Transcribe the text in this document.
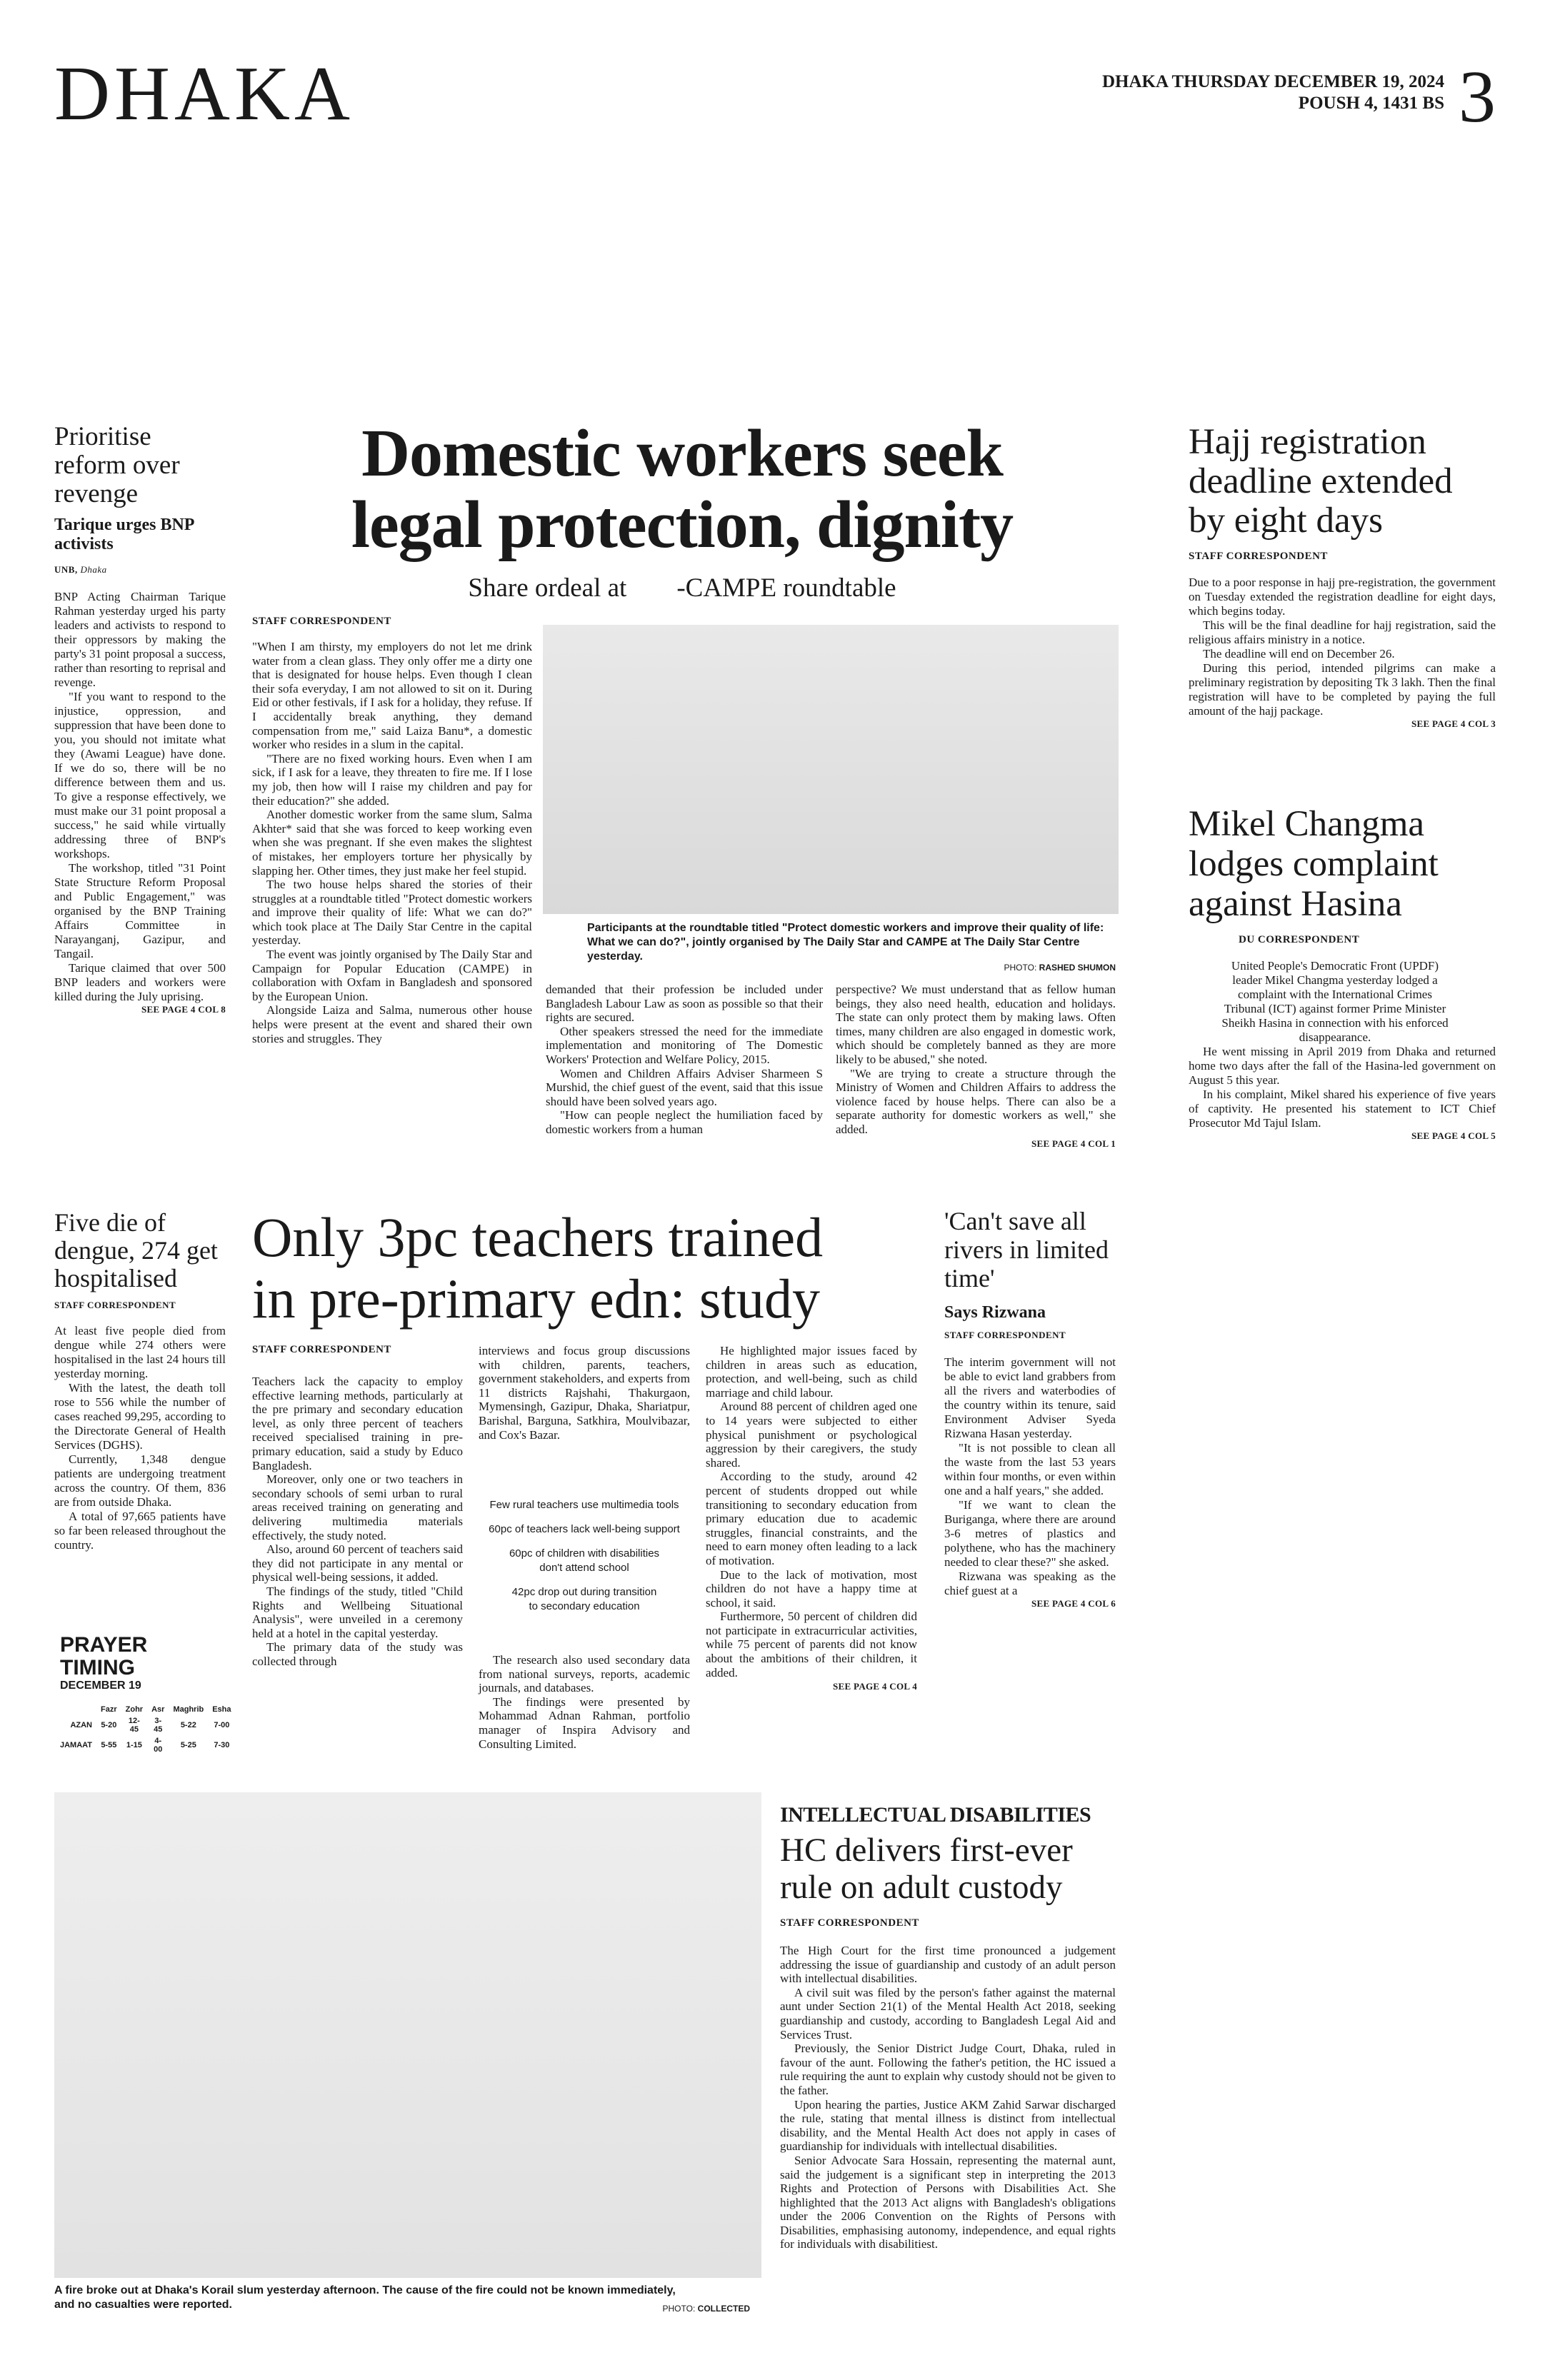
DHAKA	DHAKA THURSDAY DECEMBER 19, 2024
POUSH 4, 1431 BS 3
Prioritise reform over revenge
Tarique urges BNP activists
UNB, Dhaka

BNP Acting Chairman Tarique Rahman yesterday urged his party leaders and activists to respond to their oppressors by making the party's 31 point proposal a success, rather than resorting to reprisal and revenge.

"If you want to respond to the injustice, oppression, and suppression that have been done to you, you should not imitate what they (Awami League) have done. If we do so, there will be no difference between them and us. To give a response effectively, we must make our 31 point proposal a success," he said while virtually addressing three of BNP's workshops.

The workshop, titled "31 Point State Structure Reform Proposal and Public Engagement," was organised by the BNP Training Affairs Committee in Narayanganj, Gazipur, and Tangail.

Tarique claimed that over 500 BNP leaders and workers were killed during the July uprising.

SEE PAGE 4 COL 8
Domestic workers seek
legal protection, dignity
Share ordeal at -CAMPE roundtable
STAFF CORRESPONDENT

"When I am thirsty, my employers do not let me drink water from a clean glass. They only offer me a dirty one that is designated for house helps. Even though I clean their sofa everyday, I am not allowed to sit on it. During Eid or other festivals, if I ask for a holiday, they refuse. If I accidentally break anything, they demand compensation from me," said Laiza Banu*, a domestic worker who resides in a slum in the capital.

"There are no fixed working hours. Even when I am sick, if I ask for a leave, they threaten to fire me. If I lose my job, then how will I raise my children and pay for their education?" she added.

Another domestic worker from the same slum, Salma Akhter* said that she was forced to keep working even when she was pregnant. If she even makes the slightest of mistakes, her employers torture her physically by slapping her. Other times, they just make her feel stupid.

The two house helps shared the stories of their struggles at a roundtable titled "Protect domestic workers and improve their quality of life: What we can do?" which took place at The Daily Star Centre in the capital yesterday.

The event was jointly organised by The Daily Star and Campaign for Popular Education (CAMPE) in collaboration with Oxfam in Bangladesh and sponsored by the European Union.

Alongside Laiza and Salma, numerous other house helps were present at the event and shared their own stories and struggles. They

Participants at the roundtable titled "Protect domestic workers and improve their quality of life: What we can do?", jointly organised by The Daily Star and CAMPE at The Daily Star Centre yesterday.
PHOTO: RASHED SHUMON

demanded that their profession be included under Bangladesh Labour Law as soon as possible so that their rights are secured.

Other speakers stressed the need for the immediate implementation and monitoring of The Domestic Workers' Protection and Welfare Policy, 2015.

Women and Children Affairs Adviser Sharmeen S Murshid, the chief guest of the event, said that this issue should have been solved years ago.

"How can people neglect the humiliation faced by domestic workers from a human

perspective? We must understand that as fellow human beings, they also need health, education and holidays. The state can only protect them by making laws. Often times, many children are also engaged in domestic work, which should be completely banned as they are more likely to be abused," she noted.

"We are trying to create a structure through the Ministry of Women and Children Affairs to address the violence faced by house helps. There can also be a separate authority for domestic workers as well," she added.

SEE PAGE 4 COL 1
Hajj registration deadline extended by eight days
STAFF CORRESPONDENT

Due to a poor response in hajj pre-registration, the government on Tuesday extended the registration deadline for eight days, which begins today.

This will be the final deadline for hajj registration, said the religious affairs ministry in a notice.

The deadline will end on December 26.

During this period, intended pilgrims can make a preliminary registration by depositing Tk 3 lakh. Then the final registration will have to be completed by paying the full amount of the hajj package.

SEE PAGE 4 COL 3
Mikel Changma lodges complaint against Hasina
DU CORRESPONDENT

United People's Democratic Front (UPDF) leader Mikel Changma yesterday lodged a complaint with the International Crimes Tribunal (ICT) against former Prime Minister Sheikh Hasina in connection with his enforced disappearance.

He went missing in April 2019 from Dhaka and returned home two days after the fall of the Hasina-led government on August 5 this year.

In his complaint, Mikel shared his experience of five years of captivity. He presented his statement to ICT Chief Prosecutor Md Tajul Islam.

SEE PAGE 4 COL 5
Five die of dengue, 274 get hospitalised
STAFF CORRESPONDENT

At least five people died from dengue while 274 others were hospitalised in the last 24 hours till yesterday morning.

With the latest, the death toll rose to 556 while the number of cases reached 99,295, according to the Directorate General of Health Services (DGHS).

Currently, 1,348 dengue patients are undergoing treatment across the country. Of them, 836 are from outside Dhaka.

A total of 97,665 patients have so far been released throughout the country.

PRAYER
TIMING
DECEMBER 19
	Fazr	Zohr	Asr	Maghrib	Esha
AZAN	5-20	12-45	3-45	5-22	7-00
JAMAAT	5-55	1-15	4-00	5-25	7-30
Only 3pc teachers trained
in pre-primary edn: study
STAFF CORRESPONDENT

Teachers lack the capacity to employ effective learning methods, particularly at the pre primary and secondary education level, as only three percent of teachers received specialised training in pre-primary education, said a study by Educo Bangladesh.

Moreover, only one or two teachers in secondary schools of semi urban to rural areas received training on generating and delivering multimedia materials effectively, the study noted.

Also, around 60 percent of teachers said they did not participate in any mental or physical well-being sessions, it added.

The findings of the study, titled "Child Rights and Wellbeing Situational Analysis", were unveiled in a ceremony held at a hotel in the capital yesterday.

The primary data of the study was collected through

interviews and focus group discussions with children, parents, teachers, government stakeholders, and experts from 11 districts Rajshahi, Thakurgaon, Mymensingh, Gazipur, Dhaka, Shariatpur, Barishal, Barguna, Satkhira, Moulvibazar, and Cox's Bazar.

Few rural teachers use multimedia tools
60pc of teachers lack well-being support
60pc of children with disabilities don't attend school
42pc drop out during transition to secondary education

The research also used secondary data from national surveys, reports, academic journals, and databases.

The findings were presented by Mohammad Adnan Rahman, portfolio manager of Inspira Advisory and Consulting Limited.

He highlighted major issues faced by children in areas such as education, protection, and well-being, such as child marriage and child labour.

Around 88 percent of children aged one to 14 years were subjected to either physical punishment or psychological aggression by their caregivers, the study shared.

According to the study, around 42 percent of students dropped out while transitioning to secondary education from primary education due to academic struggles, financial constraints, and the need to earn money often leading to a lack of motivation.

Due to the lack of motivation, most children do not have a happy time at school, it said.

Furthermore, 50 percent of children did not participate in extracurricular activities, while 75 percent of parents did not know about the ambitions of their children, it added.

SEE PAGE 4 COL 4
'Can't save all rivers in limited time'
Says Rizwana
STAFF CORRESPONDENT

The interim government will not be able to evict land grabbers from all the rivers and waterbodies of the country within its tenure, said Environment Adviser Syeda Rizwana Hasan yesterday.

"It is not possible to clean all the waste from the last 53 years within four months, or even within one and a half years," she added.

"If we want to clean the Buriganga, where there are around 3-6 metres of plastics and polythene, who has the machinery needed to clear these?" she asked.

Rizwana was speaking as the chief guest at a

SEE PAGE 4 COL 6
INTELLECTUAL DISABILITIES
HC delivers first-ever rule on adult custody
STAFF CORRESPONDENT

The High Court for the first time pronounced a judgement addressing the issue of guardianship and custody of an adult person with intellectual disabilities.

A civil suit was filed by the person's father against the maternal aunt under Section 21(1) of the Mental Health Act 2018, seeking guardianship and custody, according to Bangladesh Legal Aid and Services Trust.

Previously, the Senior District Judge Court, Dhaka, ruled in favour of the aunt. Following the father's petition, the HC issued a rule requiring the aunt to explain why custody should not be given to the father.

Upon hearing the parties, Justice AKM Zahid Sarwar discharged the rule, stating that mental illness is distinct from intellectual disability, and the Mental Health Act does not apply in cases of guardianship for individuals with intellectual disabilities.

Senior Advocate Sara Hossain, representing the maternal aunt, said the judgement is a significant step in interpreting the 2013 Rights and Protection of Persons with Disabilities Act. She highlighted that the 2013 Act aligns with Bangladesh's obligations under the 2006 Convention on the Rights of Persons with Disabilities, emphasising autonomy, independence, and equal rights for individuals with disabilitiest.

A fire broke out at Dhaka's Korail slum yesterday afternoon. The cause of the fire could not be known immediately, and no casualties were reported.	PHOTO: COLLECTED
